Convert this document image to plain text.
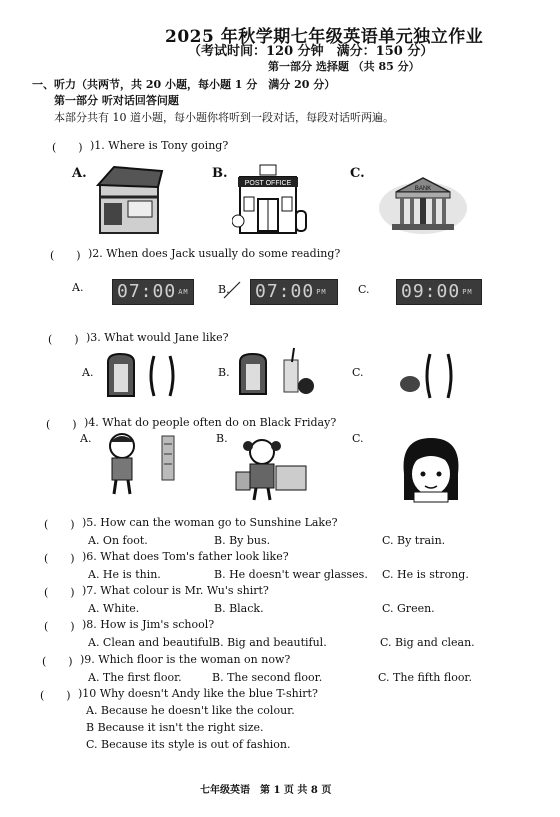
2025 年秋学期七年级英语单元独立作业
（考试时间：120 分钟　满分：150 分）
第一部分 选择题 （共 85 分）
一、听力（共两节，共 20 小题，每小题 1 分　满分 20 分）
第一部分 听对话回答问题
本部分共有 10 道小题，每小题你将听到一段对话，每段对话听两遍。
(　　) )1. Where is Tony going?
A.	B.	C.
POST OFFICE
BANK
(　　) )2. When does Jack usually do some reading?
A.	B.	C.
07:00 AM	07:00 PM	09:00 PM
(　　) )3. What would Jane like?
A.	B.	C.
(　　) )4. What do people often do on Black Friday?
A.	B.	C.
(　　) )5. How can the woman go to Sunshine Lake?
A. On foot.	B. By bus.	C. By train.
(　　) )6. What does Tom's father look like?
A. He is thin.	B. He doesn't wear glasses. C. He is strong.
(　　) )7. What colour is Mr. Wu's shirt?
A. White.	B. Black.	C. Green.
(　　) )8. How is Jim's school?
A. Clean and beautiful.
B. Big and beautiful.	C. Big and clean.
(　　) )9. Which floor is the woman on now?
A. The first floor.	B. The second floor.	C. The fifth floor.
(　　) )10 Why doesn't Andy like the blue T-shirt?
A. Because he doesn't like the colour.
B Because it isn't the right size.
C. Because its style is out of fashion.
七年级英语　第 1 页 共 8 页
